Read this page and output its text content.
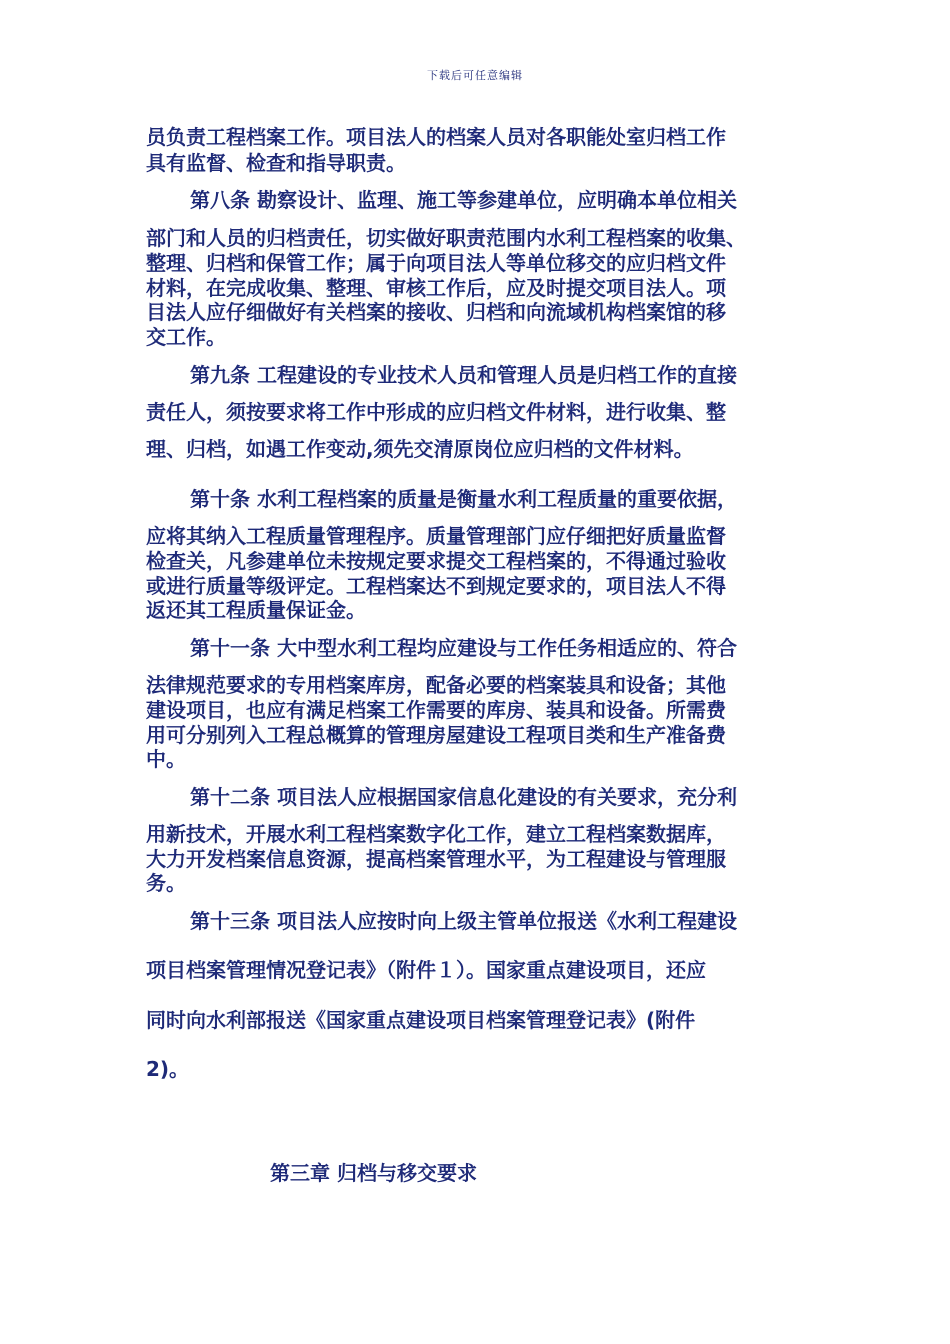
下载后可任意编辑
员负责工程档案工作。项目法人的档案人员对各职能处室归档工作
具有监督、检查和指导职责。
第八条 勘察设计、监理、施工等参建单位，应明确本单位相关
部门和人员的归档责任，切实做好职责范围内水利工程档案的收集、
整理、归档和保管工作；属于向项目法人等单位移交的应归档文件
材料，在完成收集、整理、审核工作后，应及时提交项目法人。项
目法人应仔细做好有关档案的接收、归档和向流域机构档案馆的移
交工作。
第九条 工程建设的专业技术人员和管理人员是归档工作的直接
责任人，须按要求将工作中形成的应归档文件材料，进行收集、整
理、归档，如遇工作变动,须先交清原岗位应归档的文件材料。
第十条 水利工程档案的质量是衡量水利工程质量的重要依据，
应将其纳入工程质量管理程序。质量管理部门应仔细把好质量监督
检查关，凡参建单位未按规定要求提交工程档案的，不得通过验收
或进行质量等级评定。工程档案达不到规定要求的，项目法人不得
返还其工程质量保证金。
第十一条 大中型水利工程均应建设与工作任务相适应的、符合
法律规范要求的专用档案库房，配备必要的档案装具和设备；其他
建设项目，也应有满足档案工作需要的库房、装具和设备。所需费
用可分别列入工程总概算的管理房屋建设工程项目类和生产准备费
中。
第十二条 项目法人应根据国家信息化建设的有关要求，充分利
用新技术，开展水利工程档案数字化工作，建立工程档案数据库，
大力开发档案信息资源，提高档案管理水平，为工程建设与管理服
务。
第十三条 项目法人应按时向上级主管单位报送《水利工程建设
项目档案管理情况登记表》（附件１）。国家重点建设项目，还应
同时向水利部报送《国家重点建设项目档案管理登记表》(附件
2)。
第三章 归档与移交要求
